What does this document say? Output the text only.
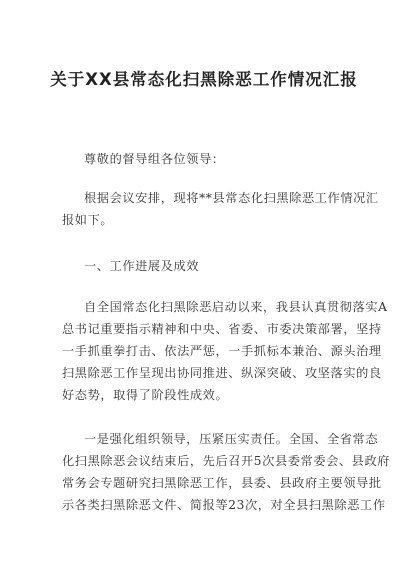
关于XX县常态化扫黑除恶工作情况汇报
尊敬的督导组各位领导：
根据会议安排，现将**县常态化扫黑除恶工作情况汇
报如下。
一、工作进展及成效
自全国常态化扫黑除恶启动以来，我县认真贯彻落实A
总书记重要指示精神和中央、省委、市委决策部署，坚持
一手抓重拳打击、依法严惩，一手抓标本兼治、源头治理
扫黑除恶工作呈现出协同推进、纵深突破、攻坚落实的良
好态势，取得了阶段性成效。
一是强化组织领导，压紧压实责任。全国、全省常态
化扫黑除恶会议结束后，先后召开5次县委常委会、县政府
常务会专题研究扫黑除恶工作，县委、县政府主要领导批
示各类扫黑除恶文件、简报等23次，对全县扫黑除恶工作
